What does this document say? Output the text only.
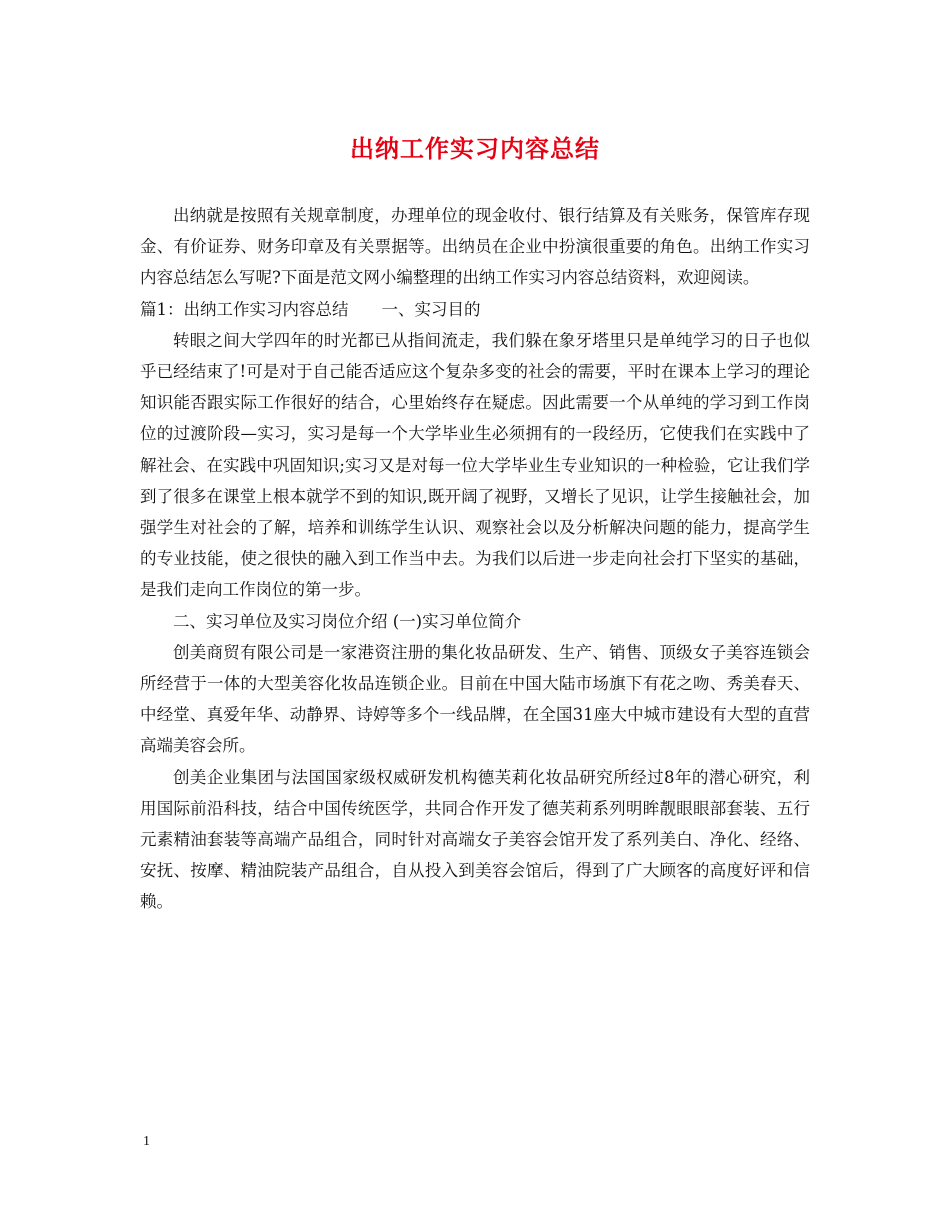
出纳工作实习内容总结

出纳就是按照有关规章制度，办理单位的现金收付、银行结算及有关账务，保管库存现金、有价证券、财务印章及有关票据等。出纳员在企业中扮演很重要的角色。出纳工作实习内容总结怎么写呢?下面是范文网小编整理的出纳工作实习内容总结资料，欢迎阅读。

篇1：出纳工作实习内容总结　　一、实习目的

转眼之间大学四年的时光都已从指间流走，我们躲在象牙塔里只是单纯学习的日子也似乎已经结束了!可是对于自己能否适应这个复杂多变的社会的需要，平时在课本上学习的理论知识能否跟实际工作很好的结合，心里始终存在疑虑。因此需要一个从单纯的学习到工作岗位的过渡阶段—实习，实习是每一个大学毕业生必须拥有的一段经历，它使我们在实践中了解社会、在实践中巩固知识;实习又是对每一位大学毕业生专业知识的一种检验，它让我们学到了很多在课堂上根本就学不到的知识,既开阔了视野，又增长了见识，让学生接触社会，加强学生对社会的了解，培养和训练学生认识、观察社会以及分析解决问题的能力，提高学生的专业技能，使之很快的融入到工作当中去。为我们以后进一步走向社会打下坚实的基础，是我们走向工作岗位的第一步。

二、实习单位及实习岗位介绍 (一)实习单位简介

创美商贸有限公司是一家港资注册的集化妆品研发、生产、销售、顶级女子美容连锁会所经营于一体的大型美容化妆品连锁企业。目前在中国大陆市场旗下有花之吻、秀美春天、中经堂、真爱年华、动静界、诗婷等多个一线品牌，在全国31座大中城市建设有大型的直营高端美容会所。

创美企业集团与法国国家级权威研发机构德芙莉化妆品研究所经过8年的潜心研究，利用国际前沿科技，结合中国传统医学，共同合作开发了德芙莉系列明眸靓眼眼部套装、五行元素精油套装等高端产品组合，同时针对高端女子美容会馆开发了系列美白、净化、经络、安抚、按摩、精油院装产品组合，自从投入到美容会馆后，得到了广大顾客的高度好评和信赖。

1
